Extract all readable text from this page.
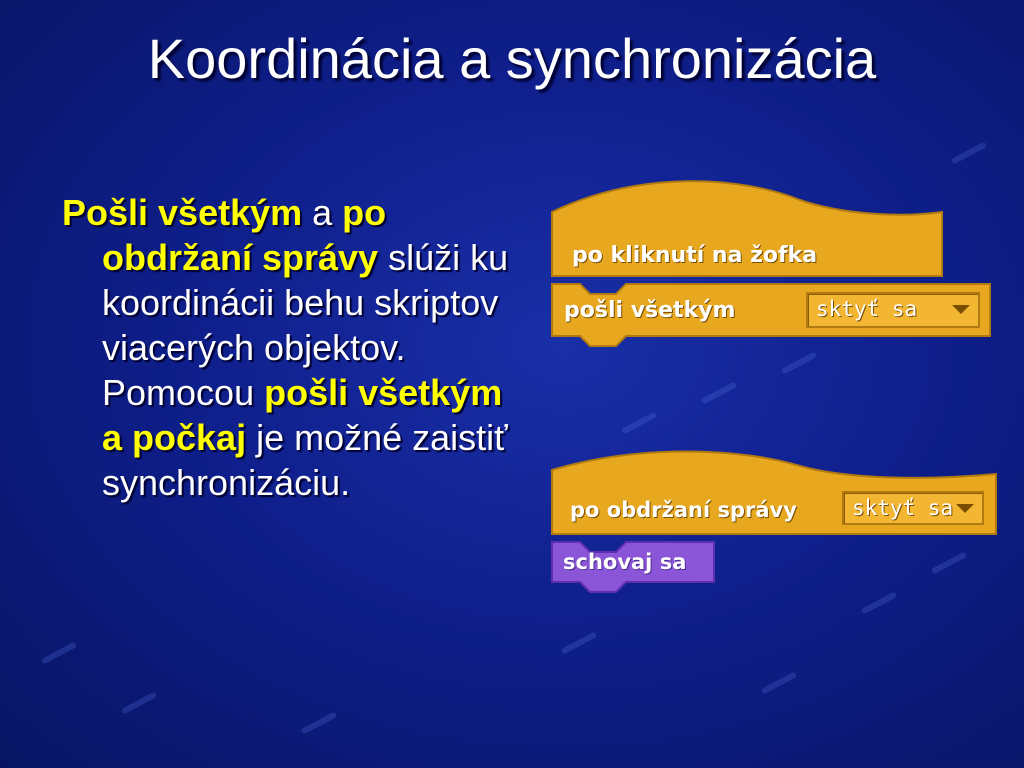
Koordinácia a synchronizácia

Pošli všetkým a po obdržaní správy slúži ku koordinácii behu skriptov viacerých objektov. Pomocou pošli všetkým a počkaj je možné zaistiť synchronizáciu.

po kliknutí na žofka
pošli všetkým	sktyť sa
po obdržaní správy	sktyť sa
schovaj sa
